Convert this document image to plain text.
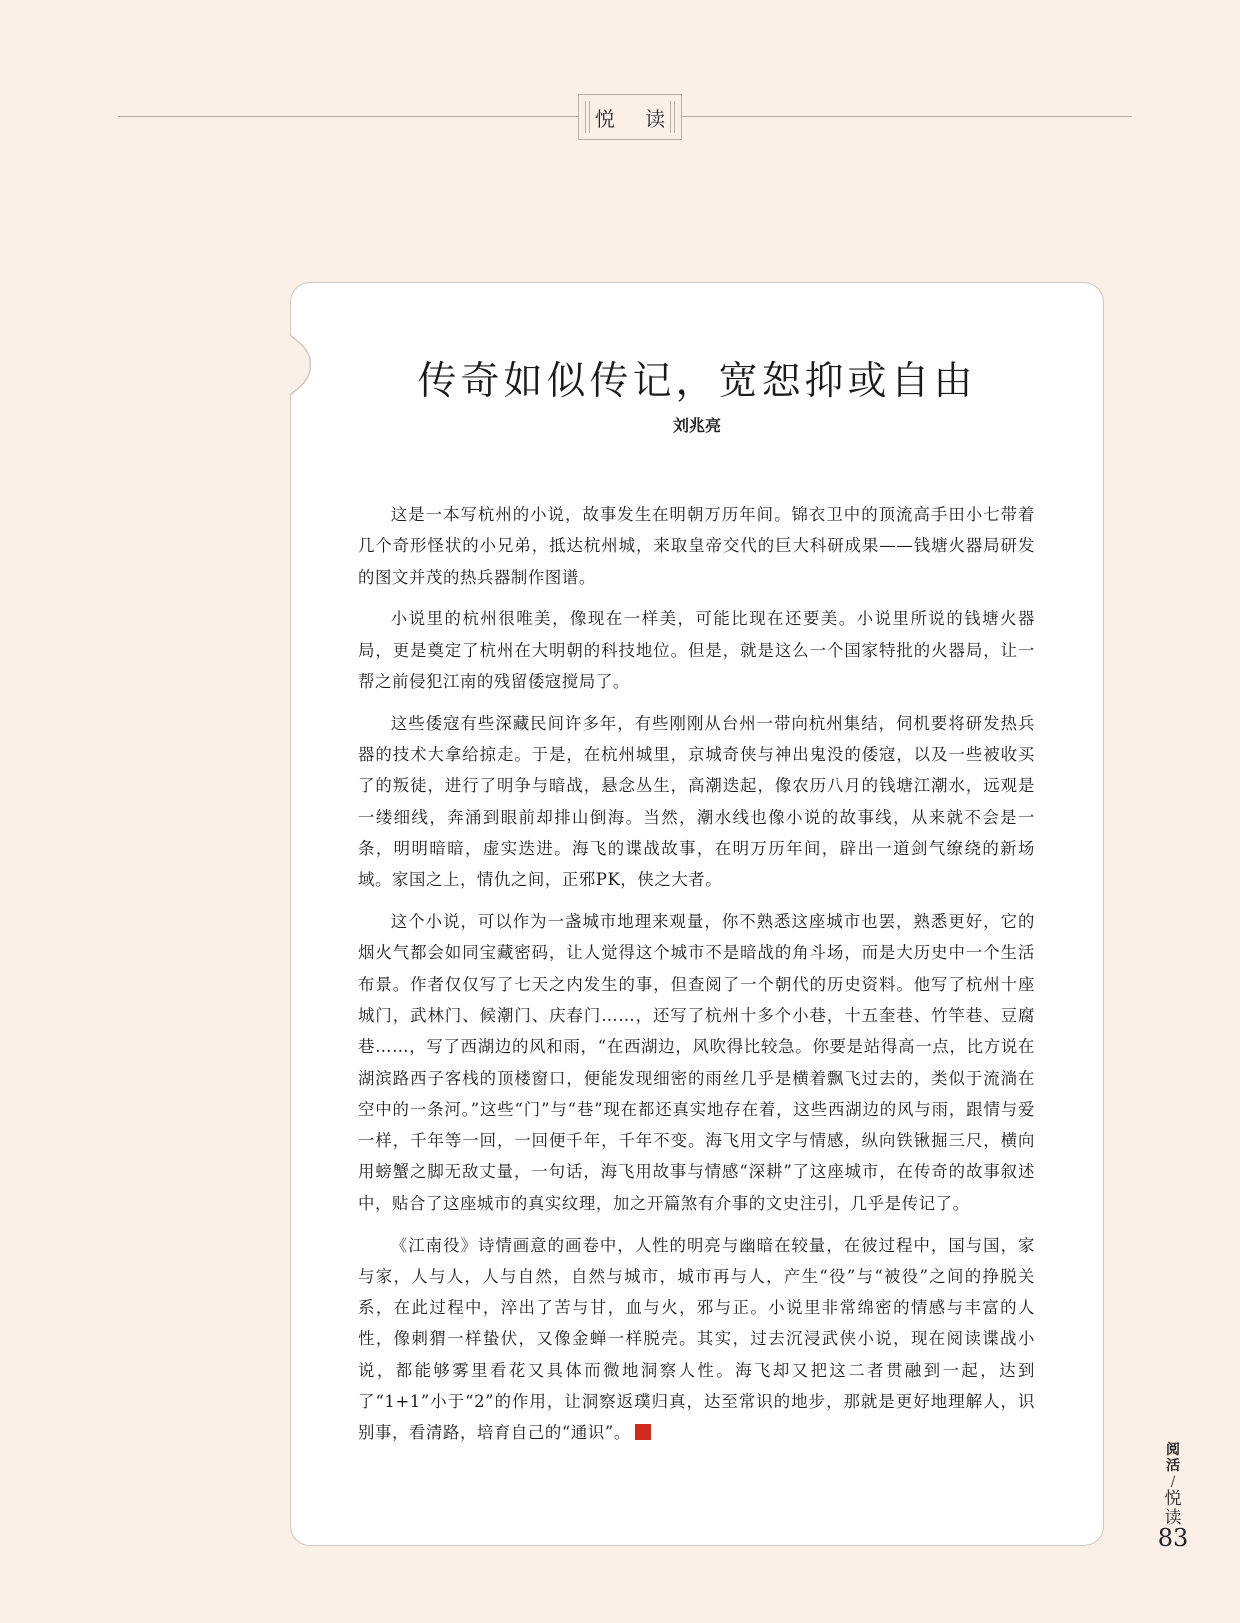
悦 读
传奇如似传记，宽恕抑或自由
刘兆亮

这是一本写杭州的小说，故事发生在明朝万历年间。锦衣卫中的顶流高手田小七带着几个奇形怪状的小兄弟，抵达杭州城，来取皇帝交代的巨大科研成果——钱塘火器局研发的图文并茂的热兵器制作图谱。

小说里的杭州很唯美，像现在一样美，可能比现在还要美。小说里所说的钱塘火器局，更是奠定了杭州在大明朝的科技地位。但是，就是这么一个国家特批的火器局，让一帮之前侵犯江南的残留倭寇搅局了。

这些倭寇有些深藏民间许多年，有些刚刚从台州一带向杭州集结，伺机要将研发热兵器的技术大拿给掠走。于是，在杭州城里，京城奇侠与神出鬼没的倭寇，以及一些被收买了的叛徒，进行了明争与暗战，悬念丛生，高潮迭起，像农历八月的钱塘江潮水，远观是一缕细线，奔涌到眼前却排山倒海。当然，潮水线也像小说的故事线，从来就不会是一条，明明暗暗，虚实迭进。海飞的谍战故事，在明万历年间，辟出一道剑气缭绕的新场域。家国之上，情仇之间，正邪PK，侠之大者。

这个小说，可以作为一盏城市地理来观量，你不熟悉这座城市也罢，熟悉更好，它的烟火气都会如同宝藏密码，让人觉得这个城市不是暗战的角斗场，而是大历史中一个生活布景。作者仅仅写了七天之内发生的事，但查阅了一个朝代的历史资料。他写了杭州十座城门，武林门、候潮门、庆春门……，还写了杭州十多个小巷，十五奎巷、竹竿巷、豆腐巷……，写了西湖边的风和雨，“在西湖边，风吹得比较急。你要是站得高一点，比方说在湖滨路西子客栈的顶楼窗口，便能发现细密的雨丝几乎是横着飘飞过去的，类似于流淌在空中的一条河。”这些“门”与“巷”现在都还真实地存在着，这些西湖边的风与雨，跟情与爱一样，千年等一回，一回便千年，千年不变。海飞用文字与情感，纵向铁锹掘三尺，横向用螃蟹之脚无敌丈量，一句话，海飞用故事与情感“深耕”了这座城市，在传奇的故事叙述中，贴合了这座城市的真实纹理，加之开篇煞有介事的文史注引，几乎是传记了。

《江南役》诗情画意的画卷中，人性的明亮与幽暗在较量，在彼过程中，国与国，家与家，人与人，人与自然，自然与城市，城市再与人，产生“役”与“被役”之间的挣脱关系，在此过程中，淬出了苦与甘，血与火，邪与正。小说里非常绵密的情感与丰富的人性，像刺猬一样蛰伏，又像金蝉一样脱壳。其实，过去沉浸武侠小说，现在阅读谍战小说，都能够雾里看花又具体而微地洞察人性。海飞却又把这二者贯融到一起，达到了“1+1”小于“2”的作用，让洞察返璞归真，达至常识的地步，那就是更好地理解人，识别事，看清路，培育自己的“通识”。

阅活
/
悦读
83
